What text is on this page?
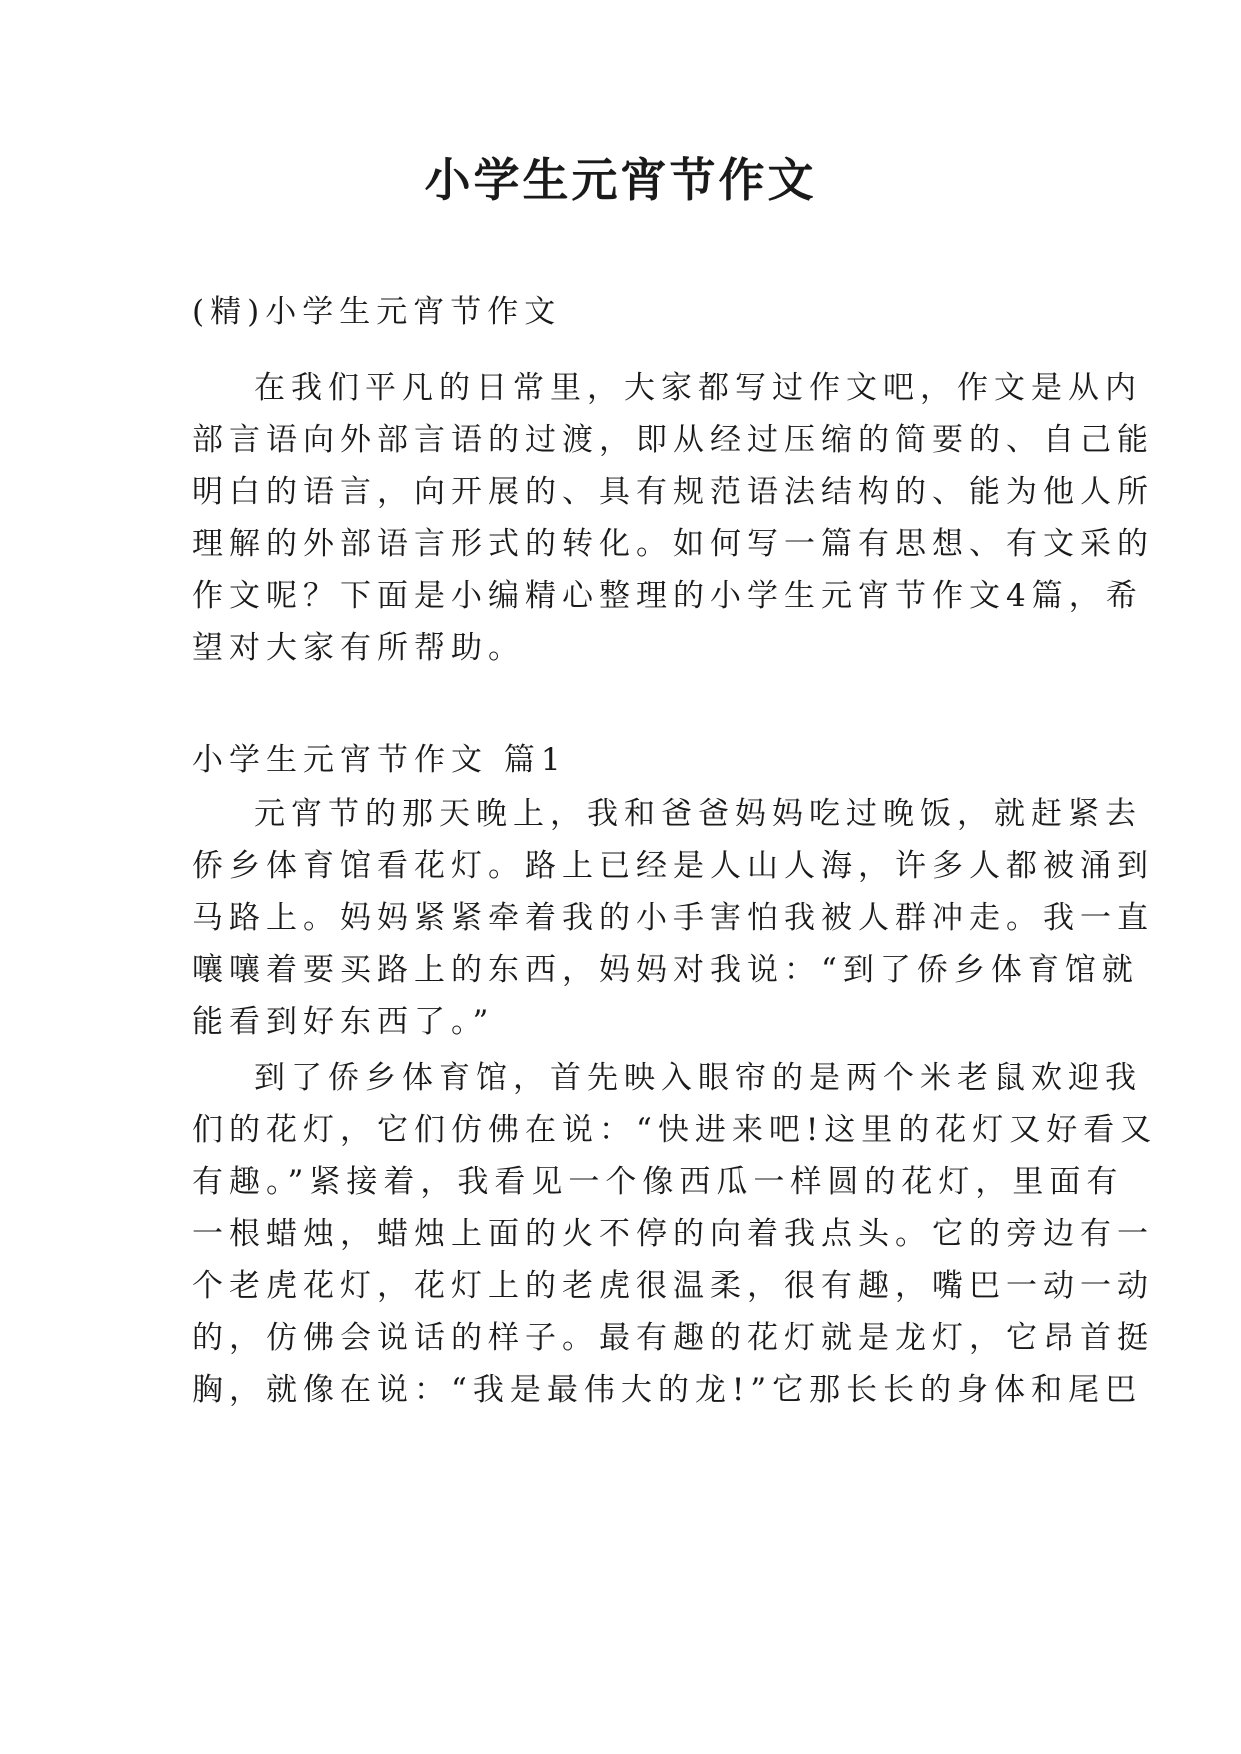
小学生元宵节作文
(精)小学生元宵节作文
在我们平凡的日常里，大家都写过作文吧，作文是从内
部言语向外部言语的过渡，即从经过压缩的简要的、自己能
明白的语言，向开展的、具有规范语法结构的、能为他人所
理解的外部语言形式的转化。如何写一篇有思想、有文采的
作文呢？下面是小编精心整理的小学生元宵节作文4篇，希
望对大家有所帮助。
小学生元宵节作文 篇1
元宵节的那天晚上，我和爸爸妈妈吃过晚饭，就赶紧去
侨乡体育馆看花灯。路上已经是人山人海，许多人都被涌到
马路上。妈妈紧紧牵着我的小手害怕我被人群冲走。我一直
嚷嚷着要买路上的东西，妈妈对我说：“到了侨乡体育馆就
能看到好东西了。”
到了侨乡体育馆，首先映入眼帘的是两个米老鼠欢迎我
们的花灯，它们仿佛在说：“快进来吧!这里的花灯又好看又
有趣。”紧接着，我看见一个像西瓜一样圆的花灯，里面有
一根蜡烛，蜡烛上面的火不停的向着我点头。它的旁边有一
个老虎花灯，花灯上的老虎很温柔，很有趣，嘴巴一动一动
的，仿佛会说话的样子。最有趣的花灯就是龙灯，它昂首挺
胸，就像在说：“我是最伟大的龙!”它那长长的身体和尾巴
